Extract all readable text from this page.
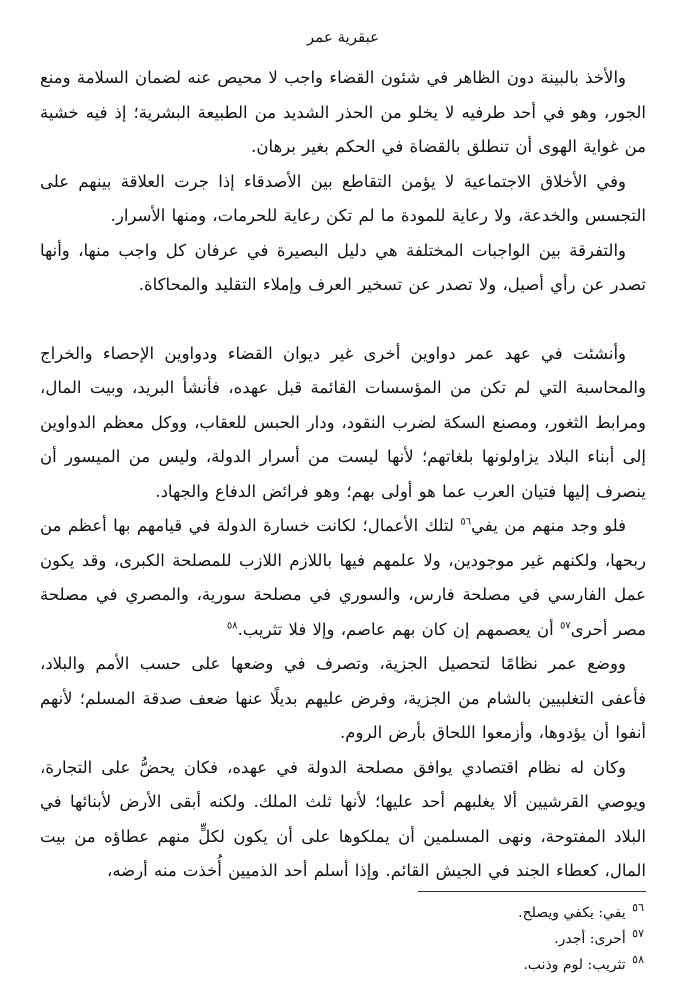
عبقرية عمر

والأخذ بالبينة دون الظاهر في شئون القضاء واجب لا محيص عنه لضمان السلامة ومنع الجور، وهو في أحد طرفيه لا يخلو من الحذر الشديد من الطبيعة البشرية؛ إذ فيه خشية من غواية الهوى أن تنطلق بالقضاة في الحكم بغير برهان.

وفي الأخلاق الاجتماعية لا يؤمن التقاطع بين الأصدقاء إذا جرت العلاقة بينهم على التجسس والخدعة، ولا رعاية للمودة ما لم تكن رعاية للحرمات، ومنها الأسرار.

والتفرقة بين الواجبات المختلفة هي دليل البصيرة في عرفان كل واجب منها، وأنها تصدر عن رأي أصيل، ولا تصدر عن تسخير العرف وإملاء التقليد والمحاكاة.

وأنشئت في عهد عمر دواوين أخرى غير ديوان القضاء ودواوين الإحصاء والخراج والمحاسبة التي لم تكن من المؤسسات القائمة قبل عهده، فأنشأ البريد، وبيت المال، ومرابط الثغور، ومصنع السكة لضرب النقود، ودار الحبس للعقاب، ووكل معظم الدواوين إلى أبناء البلاد يزاولونها بلغاتهم؛ لأنها ليست من أسرار الدولة، وليس من الميسور أن ينصرف إليها فتيان العرب عما هو أولى بهم؛ وهو فرائض الدفاع والجهاد.

فلو وجد منهم من يفي$^{٥٦}$ لتلك الأعمال؛ لكانت خسارة الدولة في قيامهم بها أعظم من ربحها، ولكنهم غير موجودين، ولا علمهم فيها باللازم اللازب للمصلحة الكبرى، وقد يكون عمل الفارسي في مصلحة فارس، والسوري في مصلحة سورية، والمصري في مصلحة مصر أحرى$^{٥٧}$ أن يعصمهم إن كان بهم عاصم، وإلا فلا تثريب.$^{٥٨}$

ووضع عمر نظامًا لتحصيل الجزية، وتصرف في وضعها على حسب الأمم والبلاد، فأعفى التغلبيين بالشام من الجزية، وفرض عليهم بديلًا عنها ضعف صدقة المسلم؛ لأنهم أنفوا أن يؤدوها، وأزمعوا اللحاق بأرض الروم.

وكان له نظام اقتصادي يوافق مصلحة الدولة في عهده، فكان يحضُّ على التجارة، ويوصي القرشيين ألا يغلبهم أحد عليها؛ لأنها ثلث الملك. ولكنه أبقى الأرض لأبنائها في البلاد المفتوحة، ونهى المسلمين أن يملكوها على أن يكون لكلٍّ منهم عطاؤه من بيت المال، كعطاء الجند في الجيش القائم. وإذا أسلم أحد الذميين أُخذت منه أرضه،

$^{٥٦}$ يفي: يكفي ويصلح.

$^{٥٧}$ أحرى: أجدر.

$^{٥٨}$ تثريب: لوم وذنب.
